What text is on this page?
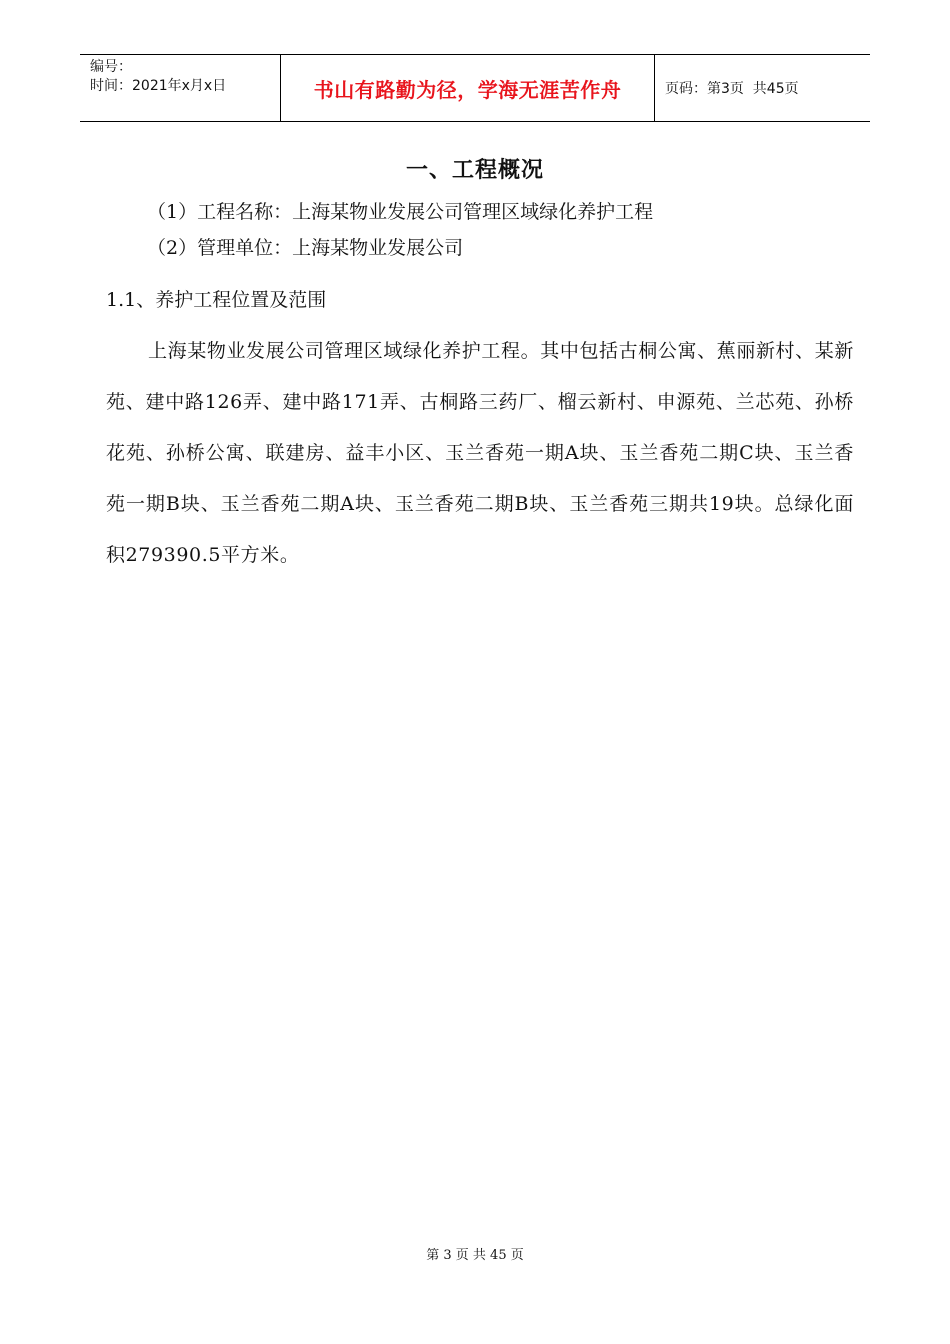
编号：
时间：2021年x月x日	书山有路勤为径，学海无涯苦作舟	页码：第3页  共45页
一、工程概况
（1）工程名称：上海某物业发展公司管理区域绿化养护工程
（2）管理单位：上海某物业发展公司
1.1、养护工程位置及范围
上海某物业发展公司管理区域绿化养护工程。其中包括古桐公寓、蕉丽新村、某新苑、建中路126弄、建中路171弄、古桐路三药厂、榴云新村、申源苑、兰芯苑、孙桥花苑、孙桥公寓、联建房、益丰小区、玉兰香苑一期A块、玉兰香苑二期C块、玉兰香苑一期B块、玉兰香苑二期A块、玉兰香苑二期B块、玉兰香苑三期共19块。总绿化面积279390.5平方米。
第 3 页 共 45 页
